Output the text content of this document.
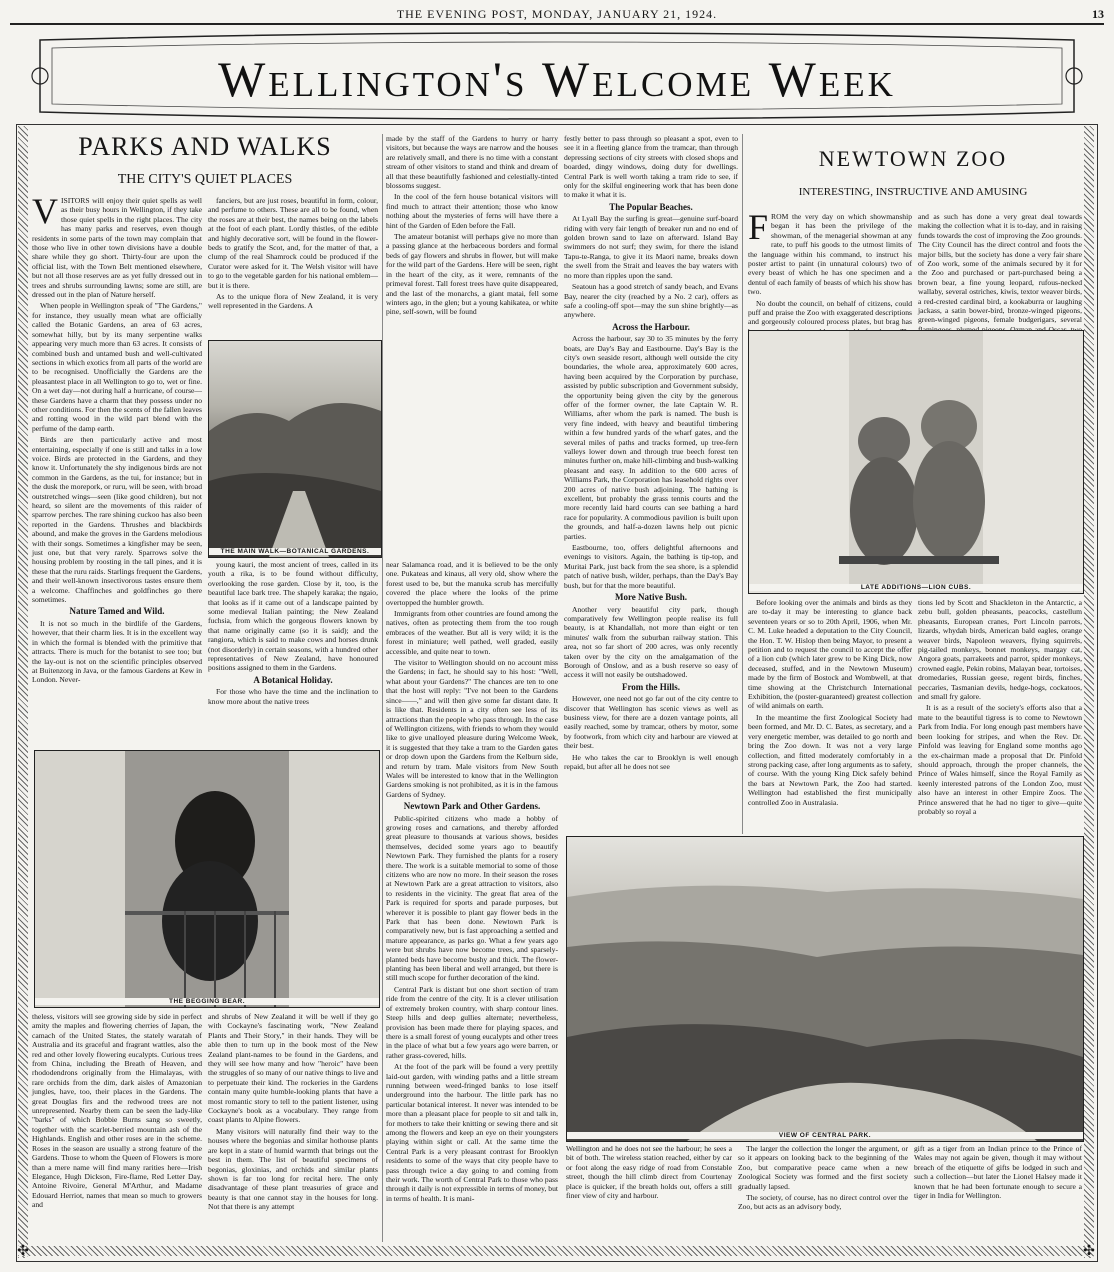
THE EVENING POST, MONDAY, JANUARY 21, 1924.	13
Wellington's Welcome Week
✣	✣
PARKS AND WALKS
THE CITY'S QUIET PLACES

VISITORS will enjoy their quiet spells as well as their busy hours in Wellington, if they take those quiet spells in the right places. The city has many parks and reserves, even though residents in some parts of the town may complain that those who live in other town divisions have a double share while they go short. Thirty-four are upon the official list, with the Town Belt mentioned elsewhere, but not all those reserves are as yet fully dressed out in trees and shrubs surrounding lawns; some are still, are dressed out in the plan of Nature herself.

When people in Wellington speak of "The Gardens," for instance, they usually mean what are officially called the Botanic Gardens, an area of 63 acres, somewhat hilly, but by its many serpentine walks appearing very much more than 63 acres. It consists of combined bush and untamed bush and well-cultivated sections in which exotics from all parts of the world are to be recognised. Unofficially the Gardens are the pleasantest place in all Wellington to go to, wet or fine. On a wet day—not during half a hurricane, of course—these Gardens have a charm that they possess under no other conditions. For then the scents of the fallen leaves and rotting wood in the wild part blend with the perfume of the damp earth.

Birds are then particularly active and most entertaining, especially if one is still and talks in a low voice. Birds are protected in the Gardens, and they know it. Unfortunately the shy indigenous birds are not common in the Gardens, as the tui, for instance; but in the dusk the morepork, or ruru, will be seen, with broad outstretched wings—seen (like good children), but not heard, so silent are the movements of this raider of sparrow perches. The rare shining cuckoo has also been reported in the Gardens. Thrushes and blackbirds abound, and make the groves in the Gardens melodious with their songs. Sometimes a kingfisher may be seen, just one, but that very rarely. Sparrows solve the housing problem by roosting in the tall pines, and it is these that the ruru raids. Starlings frequent the Gardens, and their well-known insectivorous tastes ensure them a welcome. Chaffinches and goldfinches go there sometimes.

Nature Tamed and Wild.

It is not so much in the birdlife of the Gardens, however, that their charm lies. It is in the excellent way in which the formal is blended with the primitive that attracts. There is much for the botanist to see too; but the lay-out is not on the scientific principles observed at Buitenzorg in Java, or the famous Gardens at Kew in London. Never-

fanciers, but are just roses, beautiful in form, colour, and perfume to others. These are all to be found, when the roses are at their best, the names being on the labels at the foot of each plant. Lordly thistles, of the edible and highly decorative sort, will be found in the flower-beds to gratify the Scot, and, for the matter of that, a clump of the real Shamrock could be produced if the Curator were asked for it. The Welsh visitor will have to go to the vegetable garden for his national emblem—but it is there.

As to the unique flora of New Zealand, it is very well represented in the Gardens. A

THE MAIN WALK—BOTANICAL GARDENS.

young kauri, the most ancient of trees, called in its youth a rika, is to be found without difficulty, overlooking the rose garden. Close by it, too, is the beautiful lace bark tree. The shapely karaka; the ngaio, that looks as if it came out of a landscape painted by some medieval Italian painting; the New Zealand fuchsia, from which the gorgeous flowers known by that name originally came (so it is said); and the rangiora, which is said to make cows and horses drunk (not disorderly) in certain seasons, with a hundred other representatives of New Zealand, have honoured positions assigned to them in the Gardens.

A Botanical Holiday.

For those who have the time and the inclination to know more about the native trees

THE BEGGING BEAR.

theless, visitors will see growing side by side in perfect amity the maples and flowering cherries of Japan, the camach of the United States, the stately waratah of Australia and its graceful and fragrant wattles, also the red and other lovely flowering eucalypts. Curious trees from China, including the Breath of Heaven, and rhododendrons originally from the Himalayas, with rare orchids from the dim, dark aisles of Amazonian jungles, have, too, their places in the Gardens. The great Douglas firs and the redwood trees are not unrepresented. Nearby them can be seen the lady-like "barks" of which Bobbie Burns sang so sweetly, together with the scarlet-berried mountain ash of the Highlands. English and other roses are in the scheme. Roses in the season are usually a strong feature of the Gardens. Those to whom the Queen of Flowers is more than a mere name will find many rarities here—Irish Elegance, Hugh Dickson, Fire-flame, Red Letter Day, Antoine Rivoire, General M'Arthur, and Madame Edouard Herriot, names that mean so much to growers and

and shrubs of New Zealand it will be well if they go with Cockayne's fascinating work, "New Zealand Plants and Their Story," in their hands. They will be able then to turn up in the book most of the New Zealand plant-names to be found in the Gardens, and they will see how many and how "heroic" have been the struggles of so many of our native things to live and to perpetuate their kind. The rockeries in the Gardens contain many quite humble-looking plants that have a most romantic story to tell to the patient listener, using Cockayne's book as a vocabulary. They range from coast plants to Alpine flowers.

Many visitors will naturally find their way to the houses where the begonias and similar hothouse plants are kept in a state of humid warmth that brings out the best in them. The list of beautiful specimens of begonias, gloxinias, and orchids and similar plants shown is far too long for recital here. The only disadvantage of these plant treasuries of grace and beauty is that one cannot stay in the houses for long. Not that there is any attempt

made by the staff of the Gardens to hurry or harry visitors, but because the ways are narrow and the houses are relatively small, and there is no time with a constant stream of other visitors to stand and think and dream of all that these beautifully fashioned and celestially-tinted blossoms suggest.

In the cool of the fern house botanical visitors will find much to attract their attention; those who know nothing about the mysteries of ferns will have there a hint of the Garden of Eden before the Fall.

The amateur botanist will perhaps give no more than a passing glance at the herbaceous borders and formal beds of gay flowers and shrubs in flower, but will make for the wild part of the Gardens. Here will be seen, right in the heart of the city, as it were, remnants of the primeval forest. Tall forest trees have quite disappeared, and the last of the monarchs, a giant matai, fell some winters ago, in the glen; but a young kahikatea, or white pine, self-sown, will be found

near Salamanca road, and it is believed to be the only one. Pukateas and kinaus, all very old, show where the forest used to be, but the manuka scrub has mercifully covered the place where the looks of the prime overtopped the humbler growth.

Immigrants from other countries are found among the natives, often as protecting them from the too rough embraces of the weather. But all is very wild; it is the forest in miniature; well pathed, well graded, easily accessible, and quite near to town.

The visitor to Wellington should on no account miss the Gardens; in fact, he should say to his host: "Well, what about your Gardens?" The chances are ten to one that the host will reply: "I've not been to the Gardens since——," and will then give some far distant date. It is like that. Residents in a city often see less of its attractions than the people who pass through. In the case of Wellington citizens, with friends to whom they would like to give unalloyed pleasure during Welcome Week, it is suggested that they take a tram to the Garden gates or drop down upon the Gardens from the Kelburn side, and return by tram. Male visitors from New South Wales will be interested to know that in the Wellington Gardens smoking is not prohibited, as it is in the famous Gardens of Sydney.

Newtown Park and Other Gardens.

Public-spirited citizens who made a hobby of growing roses and carnations, and thereby afforded great pleasure to thousands at various shows, besides themselves, decided some years ago to beautify Newtown Park. They furnished the plants for a rosery there. The work is a suitable memorial to some of those citizens who are now no more. In their season the roses at Newtown Park are a great attraction to visitors, also to residents in the vicinity. The great flat area of the Park is required for sports and parade purposes, but wherever it is possible to plant gay flower beds in the Park that has been done. Newtown Park is comparatively new, but is fast approaching a settled and mature appearance, as parks go. What a few years ago were but shrubs have now become trees, and sparsely-planted beds have become bushy and thick. The flower-planting has been liberal and well arranged, but there is still much scope for further decoration of the kind.

Central Park is distant but one short section of tram ride from the centre of the city. It is a clever utilisation of extremely broken country, with sharp contour lines. Steep hills and deep gullies alternate; nevertheless, provision has been made there for playing spaces, and there is a small forest of young eucalypts and other trees in the place of what but a few years ago were barren, or rather grass-covered, hills.

At the foot of the park will be found a very prettily laid-out garden, with winding paths and a little stream running between weed-fringed banks to lose itself underground into the harbour. The little park has no particular botanical interest. It never was intended to be more than a pleasant place for people to sit and talk in, for mothers to take their knitting or sewing there and sit among the flowers and keep an eye on their youngsters playing within sight or call. At the same time the Central Park is a very pleasant contrast for Brooklyn residents to some of the ways that city people have to pass through twice a day going to and coming from their work. The worth of Central Park to those who pass through it daily is not expressible in terms of money, but in terms of health. It is mani-

festly better to pass through so pleasant a spot, even to see it in a fleeting glance from the tramcar, than through depressing sections of city streets with closed shops and boarded, dingy windows, doing duty for dwellings. Central Park is well worth taking a tram ride to see, if only for the skilful engineering work that has been done to make it what it is.

The Popular Beaches.

At Lyall Bay the surfing is great—genuine surf-board riding with very fair length of breaker run and no end of golden brown sand to laze on afterward. Island Bay swimmers do not surf; they swim, for there the island Tapu-te-Ranga, to give it its Maori name, breaks down the swell from the Strait and leaves the bay waters with no more than ripples upon the sand.

Seatoun has a good stretch of sandy beach, and Evans Bay, nearer the city (reached by a No. 2 car), offers as safe a cooling-off spot—may the sun shine brightly—as anywhere.

Across the Harbour.

Across the harbour, say 30 to 35 minutes by the ferry boats, are Day's Bay and Eastbourne. Day's Bay is the city's own seaside resort, although well outside the city boundaries, the whole area, approximately 600 acres, having been acquired by the Corporation by purchase, assisted by public subscription and Government subsidy, the opportunity being given the city by the generous offer of the former owner, the late Captain W. R. Williams, after whom the park is named. The bush is very fine indeed, with heavy and beautiful timbering within a few hundred yards of the wharf gates, and the several miles of paths and tracks formed, up tree-fern valleys lower down and through true beech forest ten minutes further on, make hill-climbing and bush-walking pleasant and easy. In addition to the 600 acres of Williams Park, the Corporation has leasehold rights over 200 acres of native bush adjoining. The bathing is excellent, but probably the grass tennis courts and the more recently laid hard courts can see bathing a hard race for popularity. A commodious pavilion is built upon the grounds, and half-a-dozen lawns help out picnic parties.

Eastbourne, too, offers delightful afternoons and evenings to visitors. Again, the bathing is tip-top, and Muritai Park, just back from the sea shore, is a splendid patch of native bush, wilder, perhaps, than the Day's Bay bush, but for that the more beautiful.

More Native Bush.

Another very beautiful city park, though comparatively few Wellington people realise its full beauty, is at Khandallah, not more than eight or ten minutes' walk from the suburban railway station. This area, not so far short of 200 acres, was only recently taken over by the city on the amalgamation of the Borough of Onslow, and as a bush reserve so easy of access it will not easily be outshadowed.

From the Hills.

However, one need not go far out of the city centre to discover that Wellington has scenic views as well as business view, for there are a dozen vantage points, all easily reached, some by tramcar, others by motor, some by footwork, from which city and harbour are viewed at their best.

He who takes the car to Brooklyn is well enough repaid, but after all he does not see

VIEW OF CENTRAL PARK.

Wellington and he does not see the harbour; he sees a bit of both. The wireless station reached, either by car or foot along the easy ridge of road from Constable street, though the hill climb direct from Courtenay place is quicker, if the breath holds out, offers a still finer view of city and harbour.

NEWTOWN ZOO
INTERESTING, INSTRUCTIVE AND AMUSING

FROM the very day on which showmanship began it has been the privilege of the showman, of the menagerial showman at any rate, to puff his goods to the utmost limits of the language within his command, to instruct his poster artist to paint (in unnatural colours) two of every beast of which he has one specimen and a dentul of each family of beasts of which his show has two.

No doubt the council, on behalf of citizens, could puff and praise the Zoo with exaggerated descriptions and gorgeously coloured process plates, but brag has

and as such has done a very great deal towards making the collection what it is to-day, and in raising funds towards the cost of improving the Zoo grounds. The City Council has the direct control and foots the major bills, but the society has done a very fair share of Zoo work, some of the animals secured by it for the Zoo and purchased or part-purchased being a brown bear, a fine young leopard, rufous-necked wallaby, several ostriches, kiwis, textor weaver birds, a red-crested cardinal bird, a kookaburra or laughing jackass, a satin bower-bird, bronze-winged pigeons, green-winged pigeons, female budgerigars, several

LATE ADDITIONS—LION CUBS.

Before looking over the animals and birds as they are to-day it may be interesting to glance back seventeen years or so to 20th April, 1906, when Mr. C. M. Luke headed a deputation to the City Council, the Hon. T. W. Hislop then being Mayor, to present a petition and to request the council to accept the offer of a lion cub (which later grew to be King Dick, now deceased, stuffed, and in the Newtown Museum) made by the firm of Bostock and Wombwell, at that time showing at the Christchurch International Exhibition, the (poster-guaranteed) greatest collection of wild animals on earth.

In the meantime the first Zoological Society had been formed, and Mr. D. C. Bates, as secretary, and a very energetic member, was detailed to go north and bring the Zoo down. It was not a very large collection, and fitted moderately comfortably in a strong packing case, after long arguments as to safety, of course. With the young King Dick safely behind the bars at Newtown Park, the Zoo had started. Wellington had established the first municipally controlled Zoo in Australasia.

tions led by Scott and Shackleton in the Antarctic, a zebu bull, golden pheasants, peacocks, castellum pheasants, European cranes, Port Lincoln parrots, lizards, whydah birds, American bald eagles, orange weaver birds, Napoleon weavers, flying squirrels, pig-tailed monkeys, bonnet monkeys, margay cat, Angora goats, parrakeets and parrot, spider monkeys, crowned eagle, Pekin robins, Malayan bear, tortoises, dromedaries, Russian geese, regent birds, finches, peccaries, Tasmanian devils, hedge-hogs, cockatoos, and small fry galore.

It is as a result of the society's efforts also that a mate to the beautiful tigress is to come to Newtown Park from India. For long enough past members have been looking for stripes, and when the Rev. Dr. Pinfold was leaving for England some months ago the ex-chairman made a proposal that Dr. Pinfold should approach, through the proper channels, the Prince of Wales himself, since the Royal Family as keenly interested patrons of the London Zoo, must also have an interest in other Empire Zoos. The Prince answered that he had no tiger to give—quite probably so royal a

The larger the collection the longer the argument, or so it appears on looking back to the beginning of the Zoo, but comparative peace came when a new Zoological Society was formed and the first society gradually lapsed.

The society, of course, has no direct control over the Zoo, but acts as an advisory body,

gift as a tiger from an Indian prince to the Prince of Wales may not again be given, though it may without breach of the etiquette of gifts be lodged in such and such a collection—but later the Lionel Halsey made it known that he had been fortunate enough to secure a tiger in India for Wellington.
